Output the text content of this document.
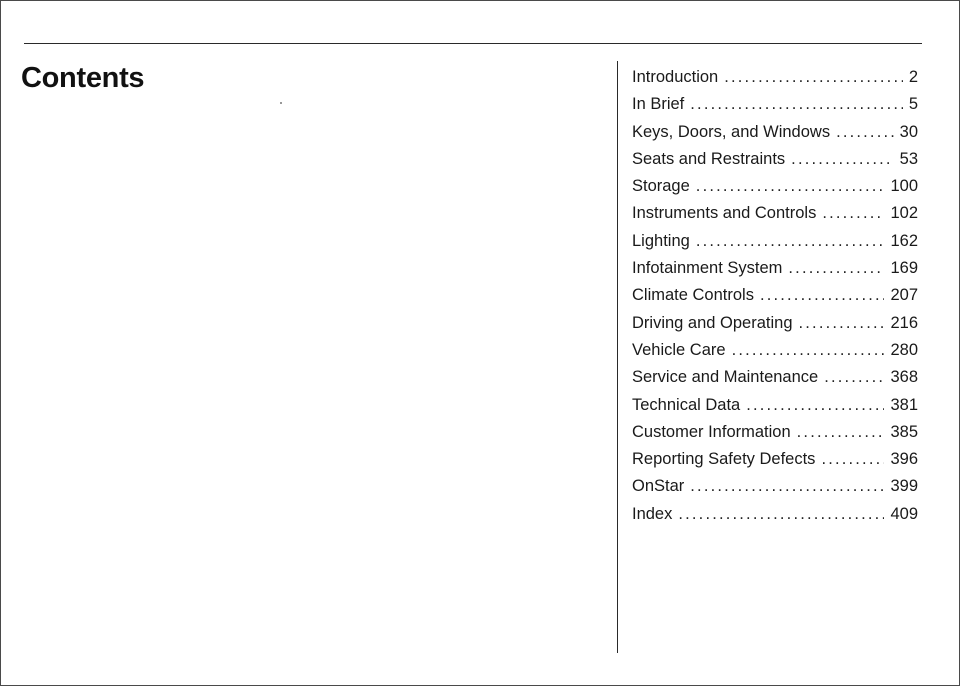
Contents	Introduction . . .	2
In Brief . . .	5
Keys, Doors, and Windows . . .	30
Seats and Restraints . . .	53
Storage . . .	100
Instruments and Controls . . .	102
Lighting . . .	162
Infotainment System . . .	169
Climate Controls . . .	207
Driving and Operating . . .	216
Vehicle Care . . .	280
Service and Maintenance . . .	368
Technical Data . . .	381
Customer Information . . .	385
Reporting Safety Defects . . .	396
OnStar . . .	399
Index . . .	409
